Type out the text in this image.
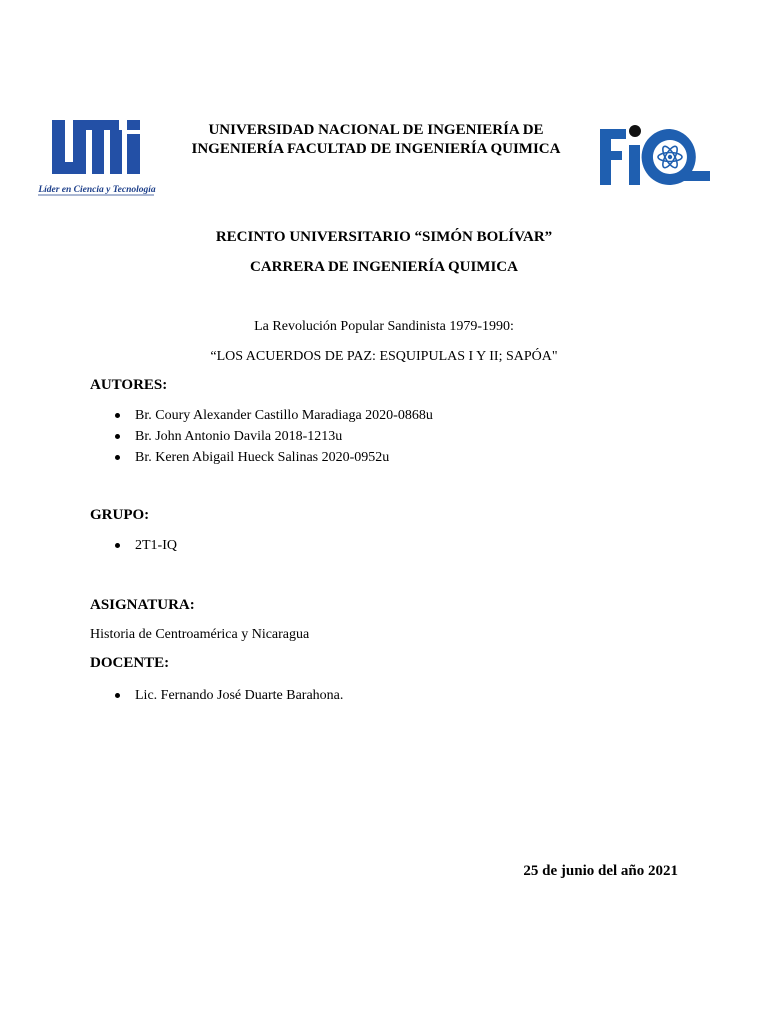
Líder en Ciencia y Tecnología
UNIVERSIDAD NACIONAL DE INGENIERÍA DE
INGENIERÍA FACULTAD DE INGENIERÍA QUIMICA
RECINTO UNIVERSITARIO “SIMÓN BOLÍVAR”
CARRERA DE INGENIERÍA QUIMICA
La Revolución Popular Sandinista 1979-1990:
“LOS ACUERDOS DE PAZ: ESQUIPULAS I Y II; SAPÓA"
AUTORES:
Br. Coury Alexander Castillo Maradiaga 2020-0868u
Br. John Antonio Davila 2018-1213u
Br. Keren Abigail Hueck Salinas 2020-0952u
GRUPO:
2T1-IQ
ASIGNATURA:
Historia de Centroamérica y Nicaragua
DOCENTE:
Lic. Fernando José Duarte Barahona.
25 de junio del año 2021
